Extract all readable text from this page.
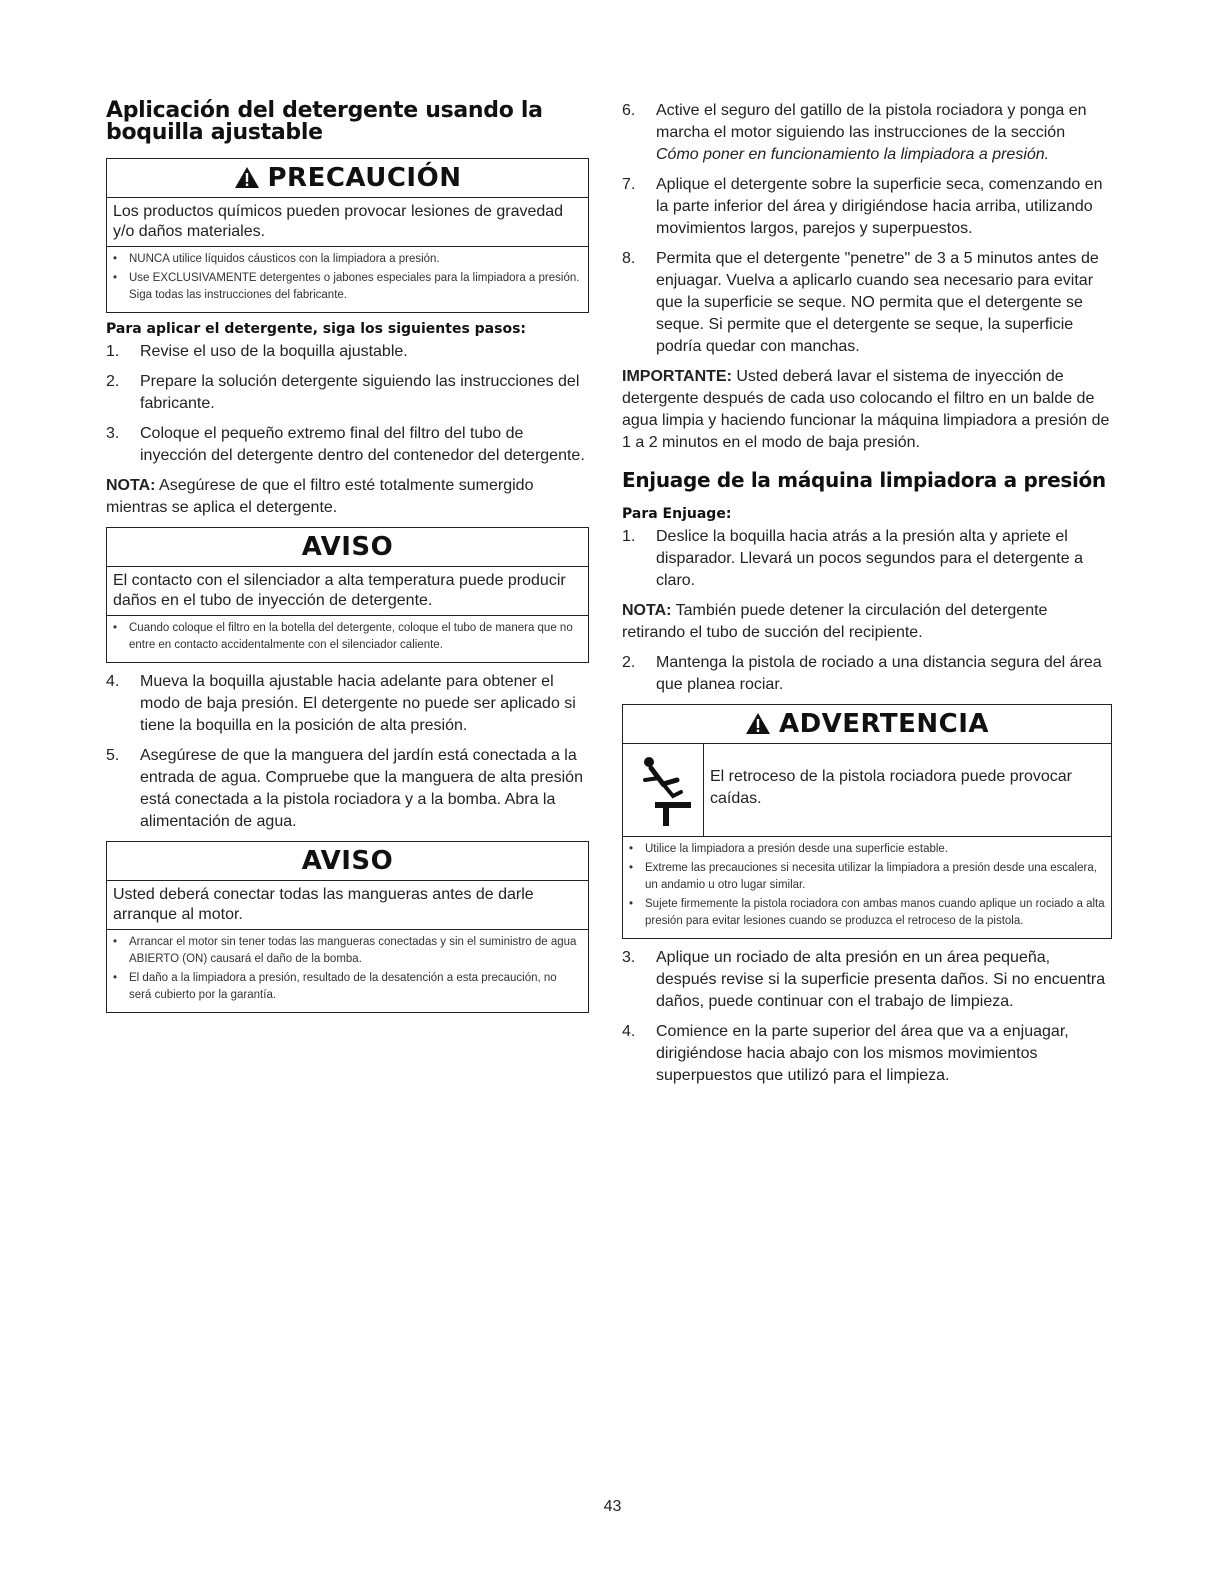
Aplicación del detergente usando la boquilla ajustable
PRECAUCIÓN
Los productos químicos pueden provocar lesiones de gravedad y/o daños materiales.
•	NUNCA utilice líquidos cáusticos con la limpiadora a presión.
•	Use EXCLUSIVAMENTE detergentes o jabones especiales para la limpiadora a presión. Siga todas las instrucciones del fabricante.
Para aplicar el detergente, siga los siguientes pasos:
1.	Revise el uso de la boquilla ajustable.
2.	Prepare la solución detergente siguiendo las instrucciones del fabricante.
3.	Coloque el pequeño extremo final del filtro del tubo de inyección del detergente dentro del contenedor del detergente.

NOTA: Asegúrese de que el filtro esté totalmente sumergido mientras se aplica el detergente.

AVISO
El contacto con el silenciador a alta temperatura puede producir daños en el tubo de inyección de detergente.
•	Cuando coloque el filtro en la botella del detergente, coloque el tubo de manera que no entre en contacto accidentalmente con el silenciador caliente.
4.	Mueva la boquilla ajustable hacia adelante para obtener el modo de baja presión. El detergente no puede ser aplicado si tiene la boquilla en la posición de alta presión.
5.	Asegúrese de que la manguera del jardín está conectada a la entrada de agua. Compruebe que la manguera de alta presión está conectada a la pistola rociadora y a la bomba. Abra la alimentación de agua.
AVISO
Usted deberá conectar todas las mangueras antes de darle arranque al motor.
•	Arrancar el motor sin tener todas las mangueras conectadas y sin el suministro de agua ABIERTO (ON) causará el daño de la bomba.
•	El daño a la limpiadora a presión, resultado de la desatención a esta precaución, no será cubierto por la garantía.
6.	Active el seguro del gatillo de la pistola rociadora y ponga en marcha el motor siguiendo las instrucciones de la sección Cómo poner en funcionamiento la limpiadora a presión.
7.	Aplique el detergente sobre la superficie seca, comenzando en la parte inferior del área y dirigiéndose hacia arriba, utilizando movimientos largos, parejos y superpuestos.
8.	Permita que el detergente "penetre" de 3 a 5 minutos antes de enjuagar. Vuelva a aplicarlo cuando sea necesario para evitar que la superficie se seque. NO permita que el detergente se seque. Si permite que el detergente se seque, la superficie podría quedar con manchas.

IMPORTANTE: Usted deberá lavar el sistema de inyección de detergente después de cada uso colocando el filtro en un balde de agua limpia y haciendo funcionar la máquina limpiadora a presión de 1 a 2 minutos en el modo de baja presión.

Enjuage de la máquina limpiadora a presión
Para Enjuage:
1.	Deslice la boquilla hacia atrás a la presión alta y apriete el disparador. Llevará un pocos segundos para el detergente a claro.

NOTA: También puede detener la circulación del detergente retirando el tubo de succión del recipiente.

2.	Mantenga la pistola de rociado a una distancia segura del área que planea rociar.
ADVERTENCIA
El retroceso de la pistola rociadora puede provocar caídas.
•	Utilice la limpiadora a presión desde una superficie estable.
•	Extreme las precauciones si necesita utilizar la limpiadora a presión desde una escalera, un andamio u otro lugar similar.
•	Sujete firmemente la pistola rociadora con ambas manos cuando aplique un rociado a alta presión para evitar lesiones cuando se produzca el retroceso de la pistola.
3.	Aplique un rociado de alta presión en un área pequeña, después revise si la superficie presenta daños. Si no encuentra daños, puede continuar con el trabajo de limpieza.
4.	Comience en la parte superior del área que va a enjuagar, dirigiéndose hacia abajo con los mismos movimientos superpuestos que utilizó para el limpieza.
43
